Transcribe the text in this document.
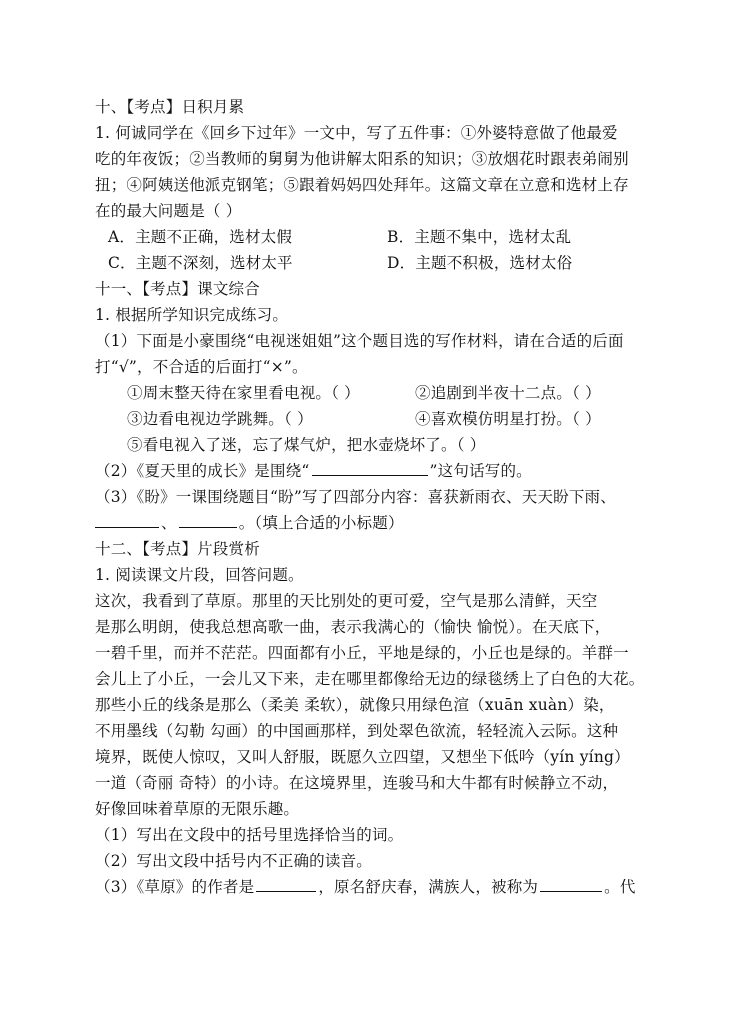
十、【考点】日积月累
1. 何诚同学在《回乡下过年》一文中，写了五件事：①外婆特意做了他最爱
吃的年夜饭；②当教师的舅舅为他讲解太阳系的知识；③放烟花时跟表弟闹别
扭；④阿姨送他派克钢笔；⑤跟着妈妈四处拜年。这篇文章在立意和选材上存
在的最大问题是（ ）
A．主题不正确，选材太假	B．主题不集中，选材太乱
C．主题不深刻，选材太平	D．主题不积极，选材太俗
十一、【考点】课文综合
1. 根据所学知识完成练习。
（1）下面是小豪围绕“电视迷姐姐”这个题目选的写作材料，请在合适的后面
打“√”，不合适的后面打“×”。
①周末整天待在家里看电视。（ ）	②追剧到半夜十二点。（ ）
③边看电视边学跳舞。（ ）	④喜欢模仿明星打扮。（ ）
⑤看电视入了迷，忘了煤气炉，把水壶烧坏了。（ ）
（2）《夏天里的成长》是围绕“	”这句话写的。
（3）《盼》一课围绕题目“盼”写了四部分内容：喜获新雨衣、天天盼下雨、
、	。（填上合适的小标题）
十二、【考点】片段赏析
1. 阅读课文片段，回答问题。
这次，我看到了草原。那里的天比别处的更可爱，空气是那么清鲜，天空
是那么明朗，使我总想高歌一曲，表示我满心的（愉快 愉悦）。在天底下，
一碧千里，而并不茫茫。四面都有小丘，平地是绿的，小丘也是绿的。羊群一
会儿上了小丘，一会儿又下来，走在哪里都像给无边的绿毯绣上了白色的大花。
那些小丘的线条是那么（柔美 柔软），就像只用绿色渲（xuān xuàn）染，
不用墨线（勾勒 勾画）的中国画那样，到处翠色欲流，轻轻流入云际。这种
境界，既使人惊叹，又叫人舒服，既愿久立四望，又想坐下低吟（yín yíng）
一道（奇丽 奇特）的小诗。在这境界里，连骏马和大牛都有时候静立不动，
好像回味着草原的无限乐趣。
（1）写出在文段中的括号里选择恰当的词。
（2）写出文段中括号内不正确的读音。
（3）《草原》的作者是	，原名舒庆春，满族人，被称为	。代
